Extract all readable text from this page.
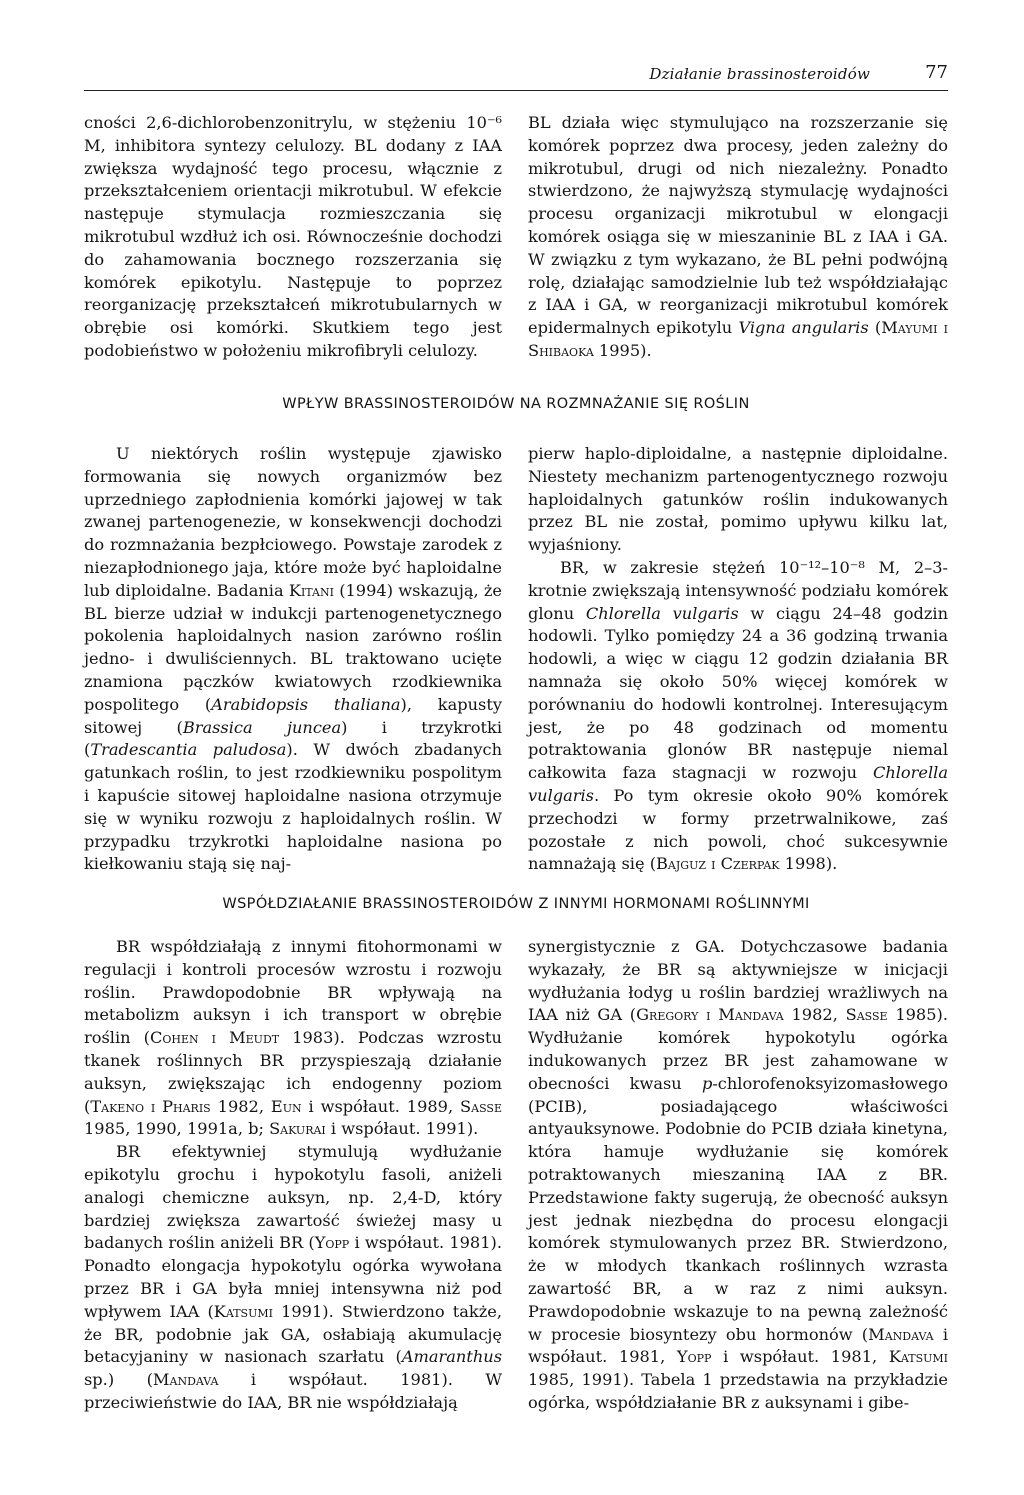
Działanie brassinosteroidów	77

cności 2,6-dichlorobenzonitrylu, w stężeniu 10⁻⁶ M, inhibitora syntezy celulozy. BL dodany z IAA zwiększa wydajność tego procesu, włącznie z przekształceniem orientacji mikrotubul. W efekcie następuje stymulacja rozmieszczania się mikrotubul wzdłuż ich osi. Równocześnie dochodzi do zahamowania bocznego rozszerzania się komórek epikotylu. Następuje to poprzez reorganizację przekształceń mikrotubularnych w obrębie osi komórki. Skutkiem tego jest podobieństwo w położeniu mikrofibryli celulozy.

BL działa więc stymulująco na rozszerzanie się komórek poprzez dwa procesy, jeden zależny do mikrotubul, drugi od nich niezależny. Ponadto stwierdzono, że najwyższą stymulację wydajności procesu organizacji mikrotubul w elongacji komórek osiąga się w mieszaninie BL z IAA i GA. W związku z tym wykazano, że BL pełni podwójną rolę, działając samodzielnie lub też współdziałając z IAA i GA, w reorganizacji mikrotubul komórek epidermalnych epikotylu Vigna angularis (Mayumi i Shibaoka 1995).

WPŁYW BRASSINOSTEROIDÓW NA ROZMNAŻANIE SIĘ ROŚLIN

U niektórych roślin występuje zjawisko formowania się nowych organizmów bez uprzedniego zapłodnienia komórki jajowej w tak zwanej partenogenezie, w konsekwencji dochodzi do rozmnażania bezpłciowego. Powstaje zarodek z niezapłodnionego jaja, które może być haploidalne lub diploidalne. Badania Kitani (1994) wskazują, że BL bierze udział w indukcji partenogenetycznego pokolenia haploidalnych nasion zarówno roślin jedno- i dwuliściennych. BL traktowano ucięte znamiona pączków kwiatowych rzodkiewnika pospolitego (Arabidopsis thaliana), kapusty sitowej (Brassica juncea) i trzykrotki (Tradescantia paludosa). W dwóch zbadanych gatunkach roślin, to jest rzodkiewniku pospolitym i kapuście sitowej haploidalne nasiona otrzymuje się w wyniku rozwoju z haploidalnych roślin. W przypadku trzykrotki haploidalne nasiona po kiełkowaniu stają się naj-

pierw haplo-diploidalne, a następnie diploidalne. Niestety mechanizm partenogentycznego rozwoju haploidalnych gatunków roślin indukowanych przez BL nie został, pomimo upływu kilku lat, wyjaśniony.

BR, w zakresie stężeń 10⁻¹²–10⁻⁸ M, 2–3-krotnie zwiększają intensywność podziału komórek glonu Chlorella vulgaris w ciągu 24–48 godzin hodowli. Tylko pomiędzy 24 a 36 godziną trwania hodowli, a więc w ciągu 12 godzin działania BR namnaża się około 50% więcej komórek w porównaniu do hodowli kontrolnej. Interesującym jest, że po 48 godzinach od momentu potraktowania glonów BR następuje niemal całkowita faza stagnacji w rozwoju Chlorella vulgaris. Po tym okresie około 90% komórek przechodzi w formy przetrwalnikowe, zaś pozostałe z nich powoli, choć sukcesywnie namnażają się (Bajguz i Czerpak 1998).

WSPÓŁDZIAŁANIE BRASSINOSTEROIDÓW Z INNYMI HORMONAMI ROŚLINNYMI

BR współdziałają z innymi fitohormonami w regulacji i kontroli procesów wzrostu i rozwoju roślin. Prawdopodobnie BR wpływają na metabolizm auksyn i ich transport w obrębie roślin (Cohen i Meudt 1983). Podczas wzrostu tkanek roślinnych BR przyspieszają działanie auksyn, zwiększając ich endogenny poziom (Takeno i Pharis 1982, Eun i współaut. 1989, Sasse 1985, 1990, 1991a, b; Sakurai i współaut. 1991).

BR efektywniej stymulują wydłużanie epikotylu grochu i hypokotylu fasoli, aniżeli analogi chemiczne auksyn, np. 2,4-D, który bardziej zwiększa zawartość świeżej masy u badanych roślin aniżeli BR (Yopp i współaut. 1981). Ponadto elongacja hypokotylu ogórka wywołana przez BR i GA była mniej intensywna niż pod wpływem IAA (Katsumi 1991). Stwierdzono także, że BR, podobnie jak GA, osłabiają akumulację betacyjaniny w nasionach szarłatu (Amaranthus sp.) (Mandava i współaut. 1981). W przeciwieństwie do IAA, BR nie współdziałają

synergistycznie z GA. Dotychczasowe badania wykazały, że BR są aktywniejsze w inicjacji wydłużania łodyg u roślin bardziej wrażliwych na IAA niż GA (Gregory i Mandava 1982, Sasse 1985). Wydłużanie komórek hypokotylu ogórka indukowanych przez BR jest zahamowane w obecności kwasu p-chlorofenoksyizomasłowego (PCIB), posiadającego właściwości antyauksynowe. Podobnie do PCIB działa kinetyna, która hamuje wydłużanie się komórek potraktowanych mieszaniną IAA z BR. Przedstawione fakty sugerują, że obecność auksyn jest jednak niezbędna do procesu elongacji komórek stymulowanych przez BR. Stwierdzono, że w młodych tkankach roślinnych wzrasta zawartość BR, a w raz z nimi auksyn. Prawdopodobnie wskazuje to na pewną zależność w procesie biosyntezy obu hormonów (Mandava i współaut. 1981, Yopp i współaut. 1981, Katsumi 1985, 1991). Tabela 1 przedstawia na przykładzie ogórka, współdziałanie BR z auksynami i gibe-
